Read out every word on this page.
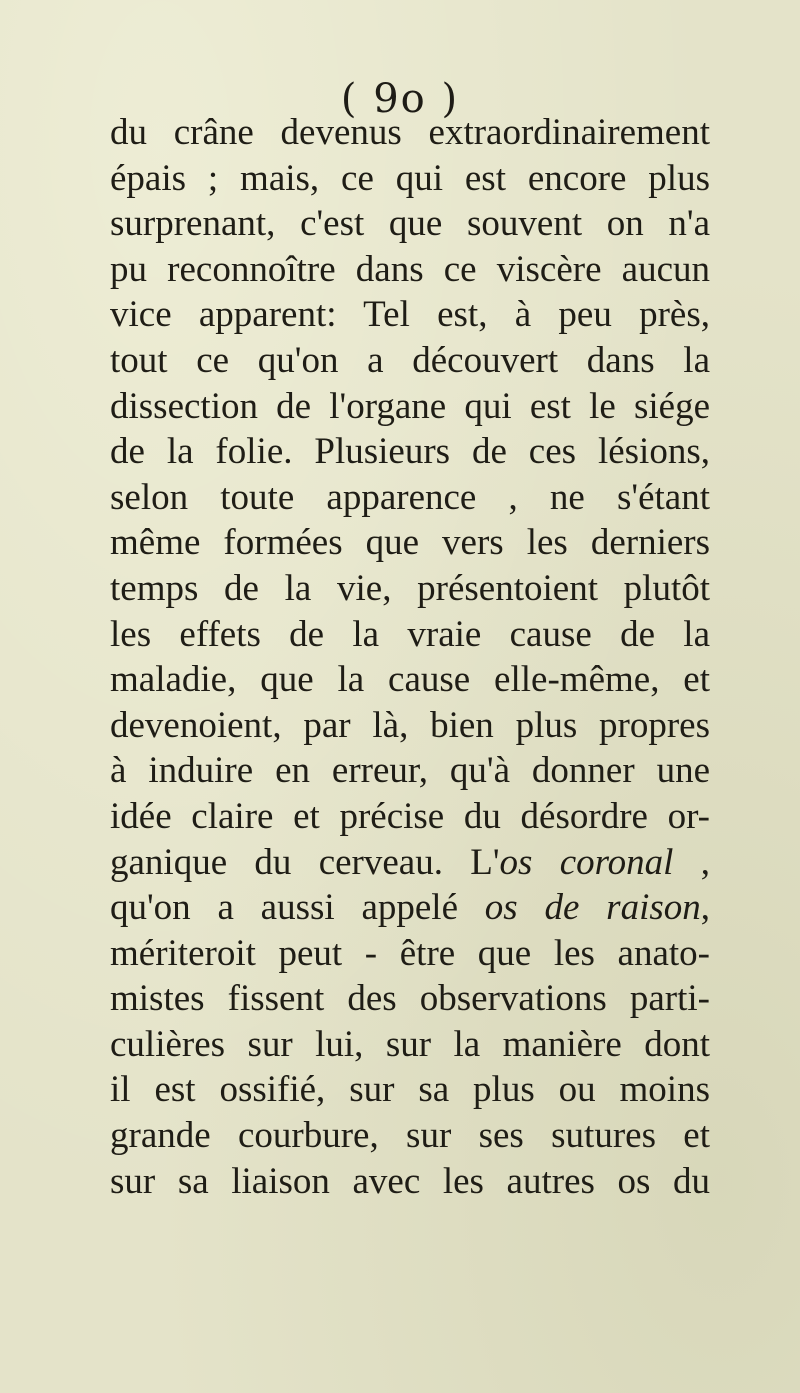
( 9o )
du crâne devenus extraordinairement
épais ; mais, ce qui est encore plus
surprenant, c'est que souvent on n'a
pu reconnoître dans ce viscère aucun
vice apparent: Tel est, à peu près,
tout ce qu'on a découvert dans la
dissection de l'organe qui est le siége
de la folie. Plusieurs de ces lésions,
selon toute apparence , ne s'étant
même formées que vers les derniers
temps de la vie, présentoient plutôt
les effets de la vraie cause de la
maladie, que la cause elle-même, et
devenoient, par là, bien plus propres
à induire en erreur, qu'à donner une
idée claire et précise du désordre or-
ganique du cerveau. L'os coronal ,
qu'on a aussi appelé os de raison,
mériteroit peut - être que les anato-
mistes fissent des observations parti-
culières sur lui, sur la manière dont
il est ossifié, sur sa plus ou moins
grande courbure, sur ses sutures et
sur sa liaison avec les autres os du
